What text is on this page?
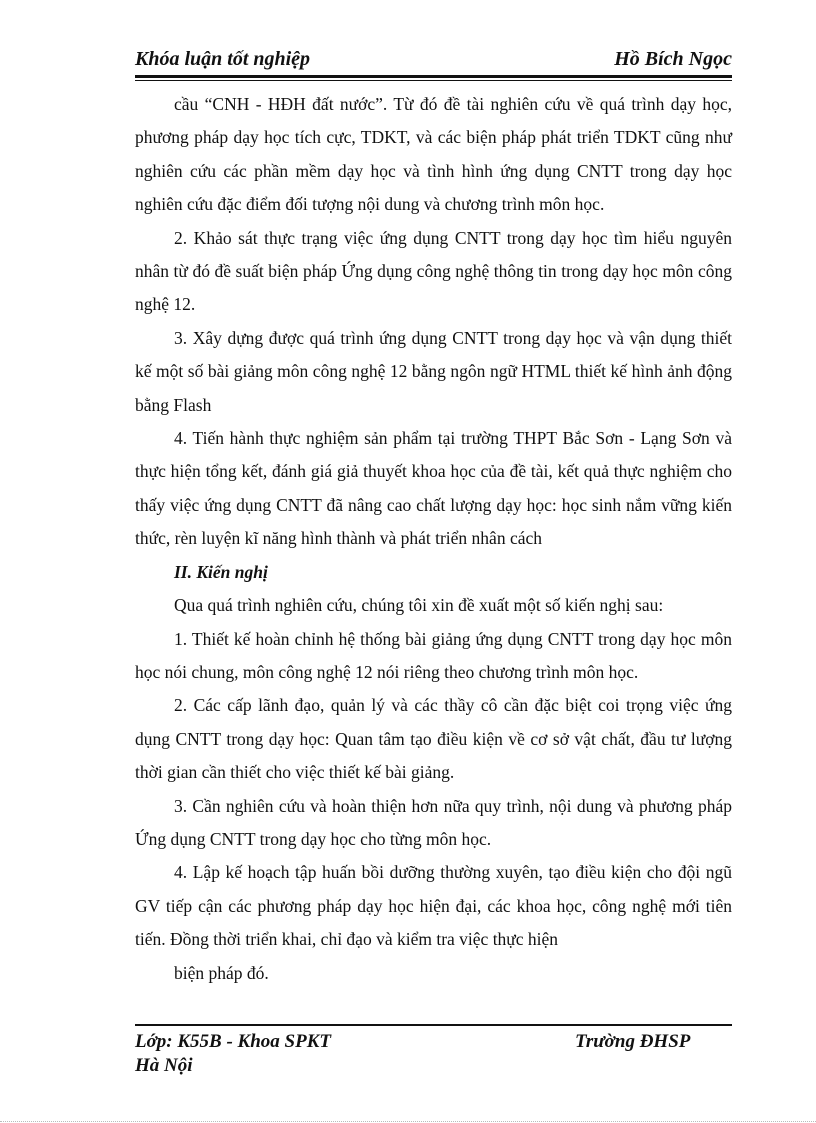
Khóa luận tốt nghiệp	Hồ Bích Ngọc

cầu “CNH - HĐH đất nước”. Từ đó đề tài nghiên cứu về quá trình dạy học, phương pháp dạy học tích cực, TDKT, và các biện pháp phát triển TDKT cũng như nghiên cứu các phần mềm dạy học và tình hình ứng dụng CNTT trong dạy học nghiên cứu đặc điểm đối tượng nội dung và chương trình môn học.

2. Khảo sát thực trạng việc ứng dụng CNTT trong dạy học tìm hiểu nguyên nhân từ đó đề suất biện pháp Ứng dụng công nghệ thông tin trong dạy học môn công nghệ 12.

3. Xây dựng được quá trình ứng dụng CNTT trong dạy học và vận dụng thiết kế một số bài giảng môn công nghệ 12 bằng ngôn ngữ HTML thiết kế hình ảnh động bằng Flash

4. Tiến hành thực nghiệm sản phẩm tại trường THPT Bắc Sơn - Lạng Sơn và thực hiện tổng kết, đánh giá giả thuyết khoa học của đề tài, kết quả thực nghiệm cho thấy việc ứng dụng CNTT đã nâng cao chất lượng dạy học: học sinh nắm vững kiến thức, rèn luyện kĩ năng hình thành và phát triển nhân cách

II. Kiến nghị

Qua quá trình nghiên cứu, chúng tôi xin đề xuất một số kiến nghị sau:

1. Thiết kế hoàn chỉnh hệ thống bài giảng ứng dụng CNTT trong dạy học môn học nói chung, môn công nghệ 12 nói riêng theo chương trình môn học.

2. Các cấp lãnh đạo, quản lý và các thầy cô cần đặc biệt coi trọng việc ứng dụng CNTT trong dạy học: Quan tâm tạo điều kiện về cơ sở vật chất, đầu tư lượng thời gian cần thiết cho việc thiết kế bài giảng.

3. Cần nghiên cứu và hoàn thiện hơn nữa quy trình, nội dung và phương pháp Ứng dụng CNTT trong dạy học cho từng môn học.

4. Lập kế hoạch tập huấn bồi dưỡng thường xuyên, tạo điều kiện cho đội ngũ GV tiếp cận các phương pháp dạy học hiện đại, các khoa học, công nghệ mới tiên tiến. Đồng thời triển khai, chỉ đạo và kiểm tra việc thực hiện

biện pháp đó.

Lớp: K55B - Khoa SPKT
Hà Nội
Trường ĐHSP
